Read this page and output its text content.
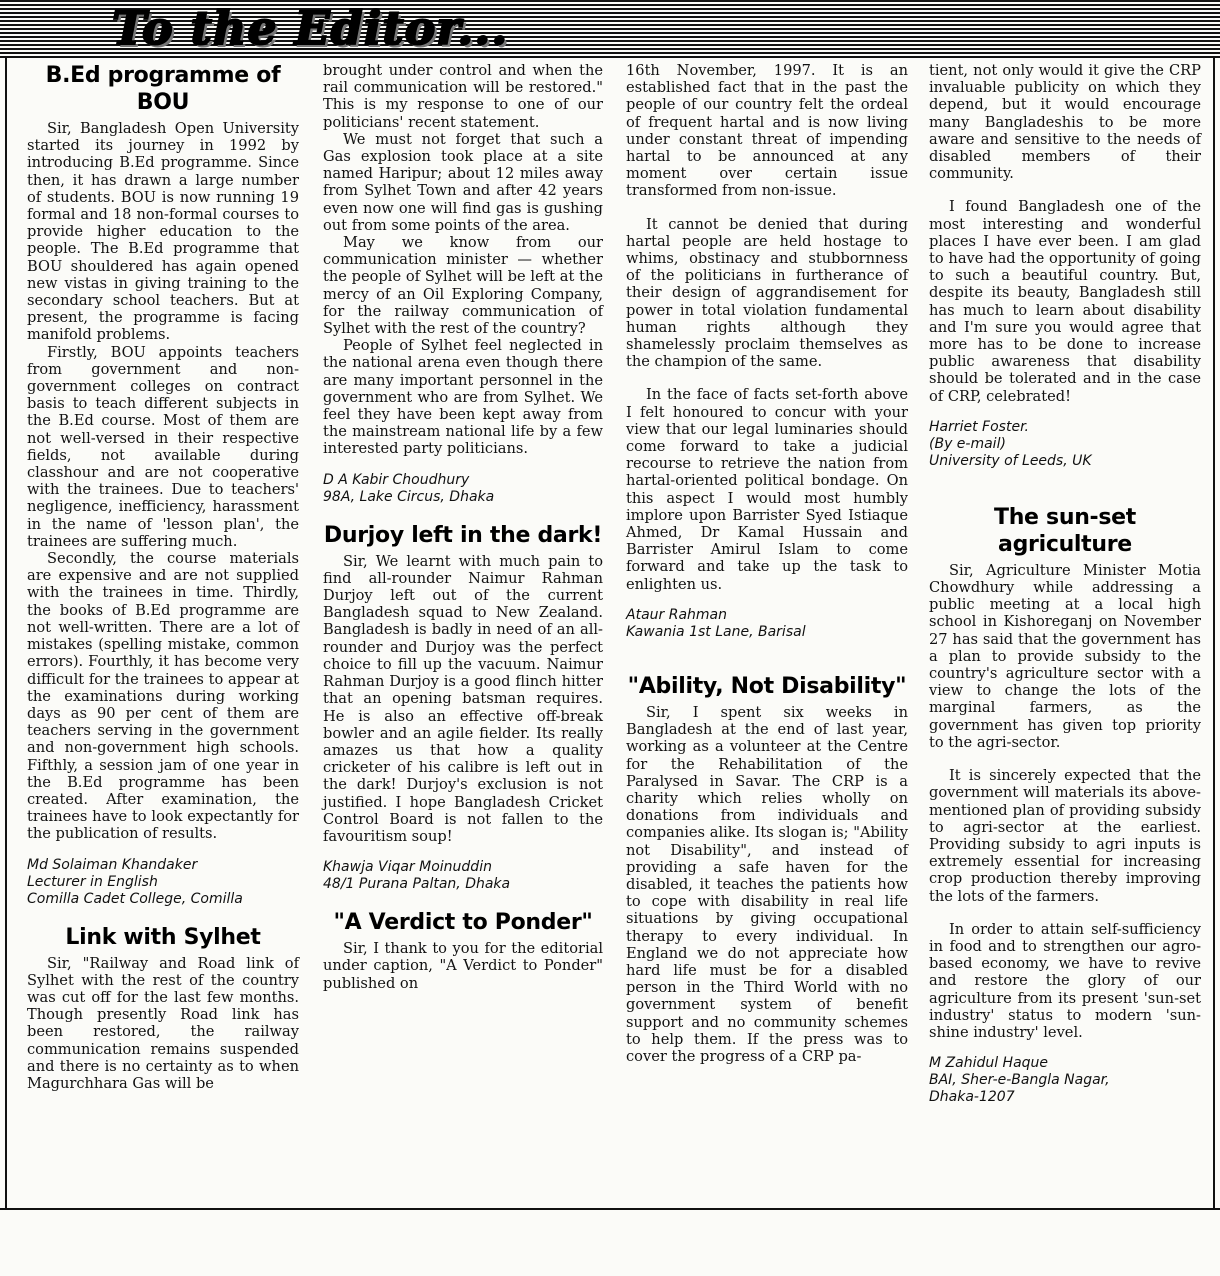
To the Editor...
B.Ed programme of BOU

Sir, Bangladesh Open University started its journey in 1992 by introducing B.Ed programme. Since then, it has drawn a large number of students. BOU is now running 19 formal and 18 non-formal courses to provide higher education to the people. The B.Ed programme that BOU shouldered has again opened new vistas in giving training to the secondary school teachers. But at present, the programme is facing manifold problems.

Firstly, BOU appoints teachers from government and non-government colleges on contract basis to teach different subjects in the B.Ed course. Most of them are not well-versed in their respective fields, not available during classhour and are not cooperative with the trainees. Due to teachers' negligence, inefficiency, harassment in the name of 'lesson plan', the trainees are suffering much.

Secondly, the course materials are expensive and are not supplied with the trainees in time. Thirdly, the books of B.Ed programme are not well-written. There are a lot of mistakes (spelling mistake, common errors). Fourthly, it has become very difficult for the trainees to appear at the examinations during working days as 90 per cent of them are teachers serving in the government and non-government high schools. Fifthly, a session jam of one year in the B.Ed programme has been created. After examination, the trainees have to look expectantly for the publication of results.

Md Solaiman Khandaker
Lecturer in English
Comilla Cadet College, Comilla
Link with Sylhet

Sir, "Railway and Road link of Sylhet with the rest of the country was cut off for the last few months. Though presently Road link has been restored, the railway communication remains suspended and there is no certainty as to when Magurchhara Gas will be

brought under control and when the rail communication will be restored." This is my response to one of our politicians' recent statement.

We must not forget that such a Gas explosion took place at a site named Haripur; about 12 miles away from Sylhet Town and after 42 years even now one will find gas is gushing out from some points of the area.

May we know from our communication minister — whether the people of Sylhet will be left at the mercy of an Oil Exploring Company, for the railway communication of Sylhet with the rest of the country?

People of Sylhet feel neglected in the national arena even though there are many important personnel in the government who are from Sylhet. We feel they have been kept away from the mainstream national life by a few interested party politicians.

D A Kabir Choudhury
98A, Lake Circus, Dhaka
Durjoy left in the dark!

Sir, We learnt with much pain to find all-rounder Naimur Rahman Durjoy left out of the current Bangladesh squad to New Zealand. Bangladesh is badly in need of an all-rounder and Durjoy was the perfect choice to fill up the vacuum. Naimur Rahman Durjoy is a good flinch hitter that an opening batsman requires. He is also an effective off-break bowler and an agile fielder. Its really amazes us that how a quality cricketer of his calibre is left out in the dark! Durjoy's exclusion is not justified. I hope Bangladesh Cricket Control Board is not fallen to the favouritism soup!

Khawja Viqar Moinuddin
48/1 Purana Paltan, Dhaka
"A Verdict to Ponder"

Sir, I thank to you for the editorial under caption, "A Verdict to Ponder" published on

16th November, 1997. It is an established fact that in the past the people of our country felt the ordeal of frequent hartal and is now living under constant threat of impending hartal to be announced at any moment over certain issue transformed from non-issue.

It cannot be denied that during hartal people are held hostage to whims, obstinacy and stubbornness of the politicians in furtherance of their design of aggrandisement for power in total violation fundamental human rights although they shamelessly proclaim themselves as the champion of the same.

In the face of facts set-forth above I felt honoured to concur with your view that our legal luminaries should come forward to take a judicial recourse to retrieve the nation from hartal-oriented political bondage. On this aspect I would most humbly implore upon Barrister Syed Istiaque Ahmed, Dr Kamal Hussain and Barrister Amirul Islam to come forward and take up the task to enlighten us.

Ataur Rahman
Kawania 1st Lane, Barisal
"Ability, Not Disability"

Sir, I spent six weeks in Bangladesh at the end of last year, working as a volunteer at the Centre for the Rehabilitation of the Paralysed in Savar. The CRP is a charity which relies wholly on donations from individuals and companies alike. Its slogan is; "Ability not Disability", and instead of providing a safe haven for the disabled, it teaches the patients how to cope with disability in real life situations by giving occupational therapy to every individual. In England we do not appreciate how hard life must be for a disabled person in the Third World with no government system of benefit support and no community schemes to help them. If the press was to cover the progress of a CRP pa-

tient, not only would it give the CRP invaluable publicity on which they depend, but it would encourage many Bangladeshis to be more aware and sensitive to the needs of disabled members of their community.

I found Bangladesh one of the most interesting and wonderful places I have ever been. I am glad to have had the opportunity of going to such a beautiful country. But, despite its beauty, Bangladesh still has much to learn about disability and I'm sure you would agree that more has to be done to increase public awareness that disability should be tolerated and in the case of CRP, celebrated!

Harriet Foster.
(By e-mail)
University of Leeds, UK
The sun-set agriculture

Sir, Agriculture Minister Motia Chowdhury while addressing a public meeting at a local high school in Kishoreganj on November 27 has said that the government has a plan to provide subsidy to the country's agriculture sector with a view to change the lots of the marginal farmers, as the government has given top priority to the agri-sector.

It is sincerely expected that the government will materials its above-mentioned plan of providing subsidy to agri-sector at the earliest. Providing subsidy to agri inputs is extremely essential for increasing crop production thereby improving the lots of the farmers.

In order to attain self-sufficiency in food and to strengthen our agro-based economy, we have to revive and restore the glory of our agriculture from its present 'sun-set industry' status to modern 'sun-shine industry' level.

M Zahidul Haque
BAI, Sher-e-Bangla Nagar,
Dhaka-1207
